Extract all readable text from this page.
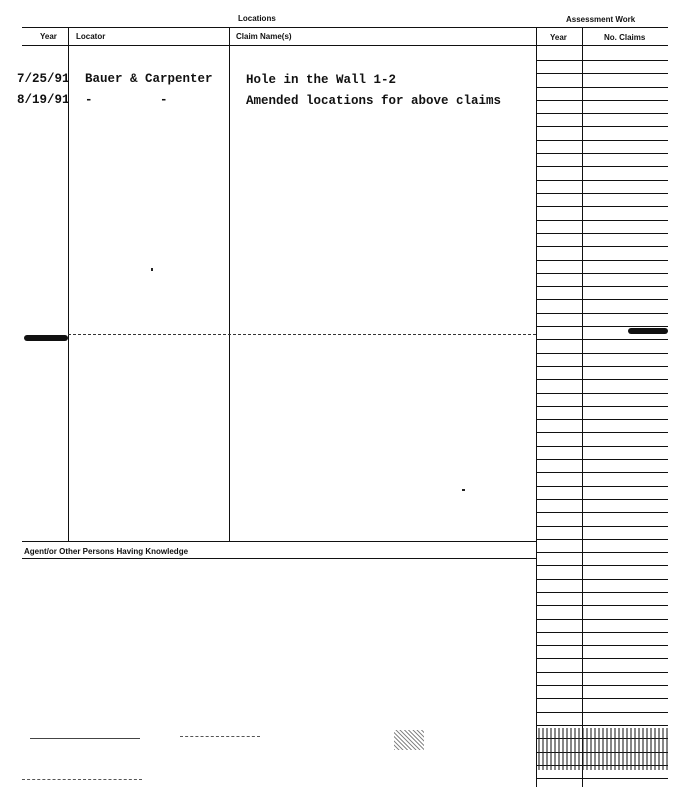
Locations	Assessment Work
Year Locator	Claim Name(s)	Year	No. Claims
Agent/or Other Persons Having Knowledge
7/25/91 Bauer & Carpenter	Hole in the Wall 1-2
8/19/91 -         -	Amended locations for above claims
